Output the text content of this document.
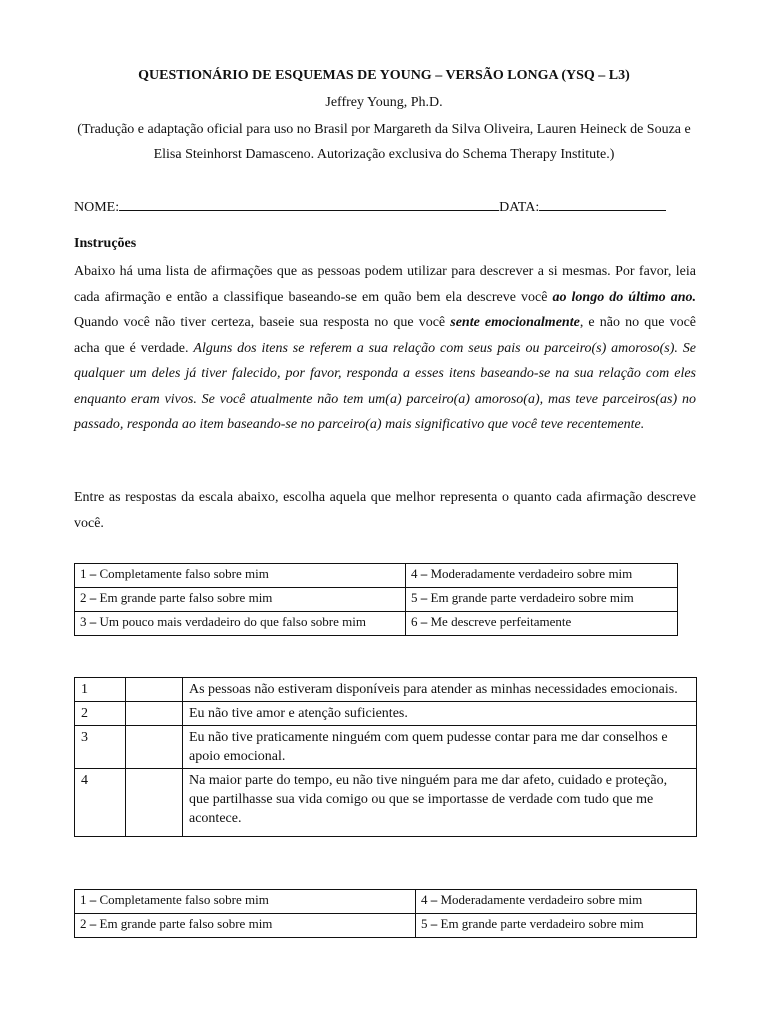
QUESTIONÁRIO DE ESQUEMAS DE YOUNG – VERSÃO LONGA (YSQ – L3)
Jeffrey Young, Ph.D.
(Tradução e adaptação oficial para uso no Brasil por Margareth da Silva Oliveira, Lauren Heineck de Souza e Elisa Steinhorst Damasceno. Autorização exclusiva do Schema Therapy Institute.)
NOME:	DATA:
Instruções

Abaixo há uma lista de afirmações que as pessoas podem utilizar para descrever a si mesmas. Por favor, leia cada afirmação e então a classifique baseando-se em quão bem ela descreve você ao longo do último ano. Quando você não tiver certeza, baseie sua resposta no que você sente emocionalmente, e não no que você acha que é verdade. Alguns dos itens se referem a sua relação com seus pais ou parceiro(s) amoroso(s). Se qualquer um deles já tiver falecido, por favor, responda a esses itens baseando-se na sua relação com eles enquanto eram vivos. Se você atualmente não tem um(a) parceiro(a) amoroso(a), mas teve parceiros(as) no passado, responda ao item baseando-se no parceiro(a) mais significativo que você teve recentemente.

Entre as respostas da escala abaixo, escolha aquela que melhor representa o quanto cada afirmação descreve você.

1 – Completamente falso sobre mim	4 – Moderadamente verdadeiro sobre mim
2 – Em grande parte falso sobre mim	5 – Em grande parte verdadeiro sobre mim
3 – Um pouco mais verdadeiro do que falso sobre mim	6 – Me descreve perfeitamente
1		As pessoas não estiveram disponíveis para atender as minhas necessidades emocionais.
2		Eu não tive amor e atenção suficientes.
3		Eu não tive praticamente ninguém com quem pudesse contar para me dar conselhos e apoio emocional.
4		Na maior parte do tempo, eu não tive ninguém para me dar afeto, cuidado e proteção, que partilhasse sua vida comigo ou que se importasse de verdade com tudo que me acontece.
1 – Completamente falso sobre mim	4 – Moderadamente verdadeiro sobre mim
2 – Em grande parte falso sobre mim	5 – Em grande parte verdadeiro sobre mim
